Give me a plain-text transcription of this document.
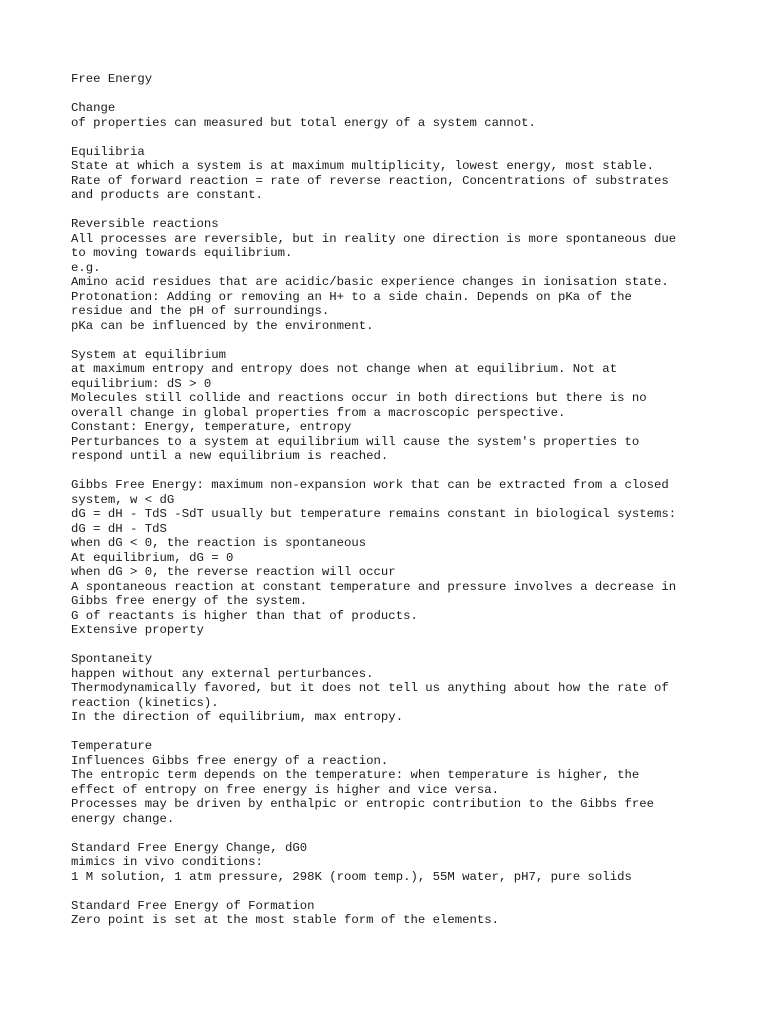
Free Energy
Change
of properties can measured but total energy of a system cannot.
Equilibria
State at which a system is at maximum multiplicity, lowest energy, most stable.
Rate of forward reaction = rate of reverse reaction, Concentrations of substrates
and products are constant.
Reversible reactions
All processes are reversible, but in reality one direction is more spontaneous due
to moving towards equilibrium.
e.g.
Amino acid residues that are acidic/basic experience changes in ionisation state.
Protonation: Adding or removing an H+ to a side chain. Depends on pKa of the
residue and the pH of surroundings.
pKa can be influenced by the environment.
System at equilibrium
at maximum entropy and entropy does not change when at equilibrium. Not at
equilibrium: dS > 0
Molecules still collide and reactions occur in both directions but there is no
overall change in global properties from a macroscopic perspective.
Constant: Energy, temperature, entropy
Perturbances to a system at equilibrium will cause the system's properties to
respond until a new equilibrium is reached.
Gibbs Free Energy: maximum non-expansion work that can be extracted from a closed
system, w < dG
dG = dH - TdS -SdT usually but temperature remains constant in biological systems:
dG = dH - TdS
when dG < 0, the reaction is spontaneous
At equilibrium, dG = 0
when dG > 0, the reverse reaction will occur
A spontaneous reaction at constant temperature and pressure involves a decrease in
Gibbs free energy of the system.
G of reactants is higher than that of products.
Extensive property
Spontaneity
happen without any external perturbances.
Thermodynamically favored, but it does not tell us anything about how the rate of
reaction (kinetics).
In the direction of equilibrium, max entropy.
Temperature
Influences Gibbs free energy of a reaction.
The entropic term depends on the temperature: when temperature is higher, the
effect of entropy on free energy is higher and vice versa.
Processes may be driven by enthalpic or entropic contribution to the Gibbs free
energy change.
Standard Free Energy Change, dG0
mimics in vivo conditions:
1 M solution, 1 atm pressure, 298K (room temp.), 55M water, pH7, pure solids
Standard Free Energy of Formation
Zero point is set at the most stable form of the elements.
